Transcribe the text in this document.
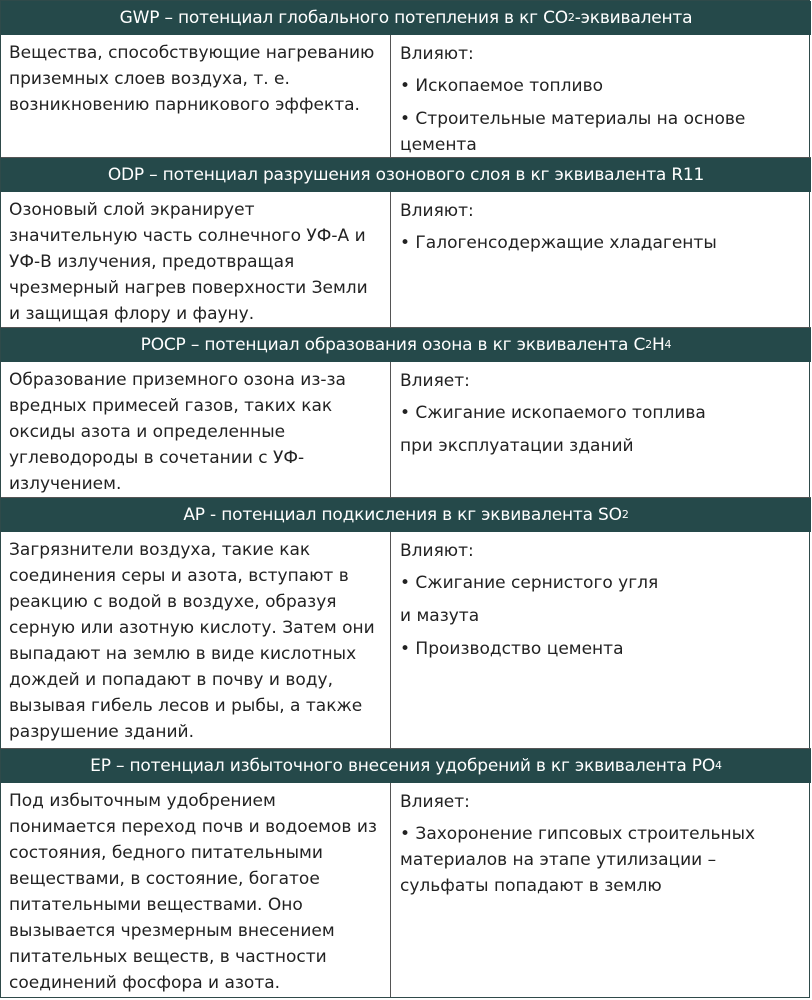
GWP – потенциал глобального потепления в кг CO 2 -эквивалента
Вещества, способствующие нагреванию приземных слоев воздуха, т. е. возникновению парникового эффекта.

Влияют:

• Ископаемое топливо

• Строительные материалы на основе цемента

ODP – потенциал разрушения озонового слоя в кг эквивалента R11
Озоновый слой экранирует значительную часть солнечного УФ-A и УФ-B излучения, предотвращая чрезмерный нагрев поверхности Земли и защищая флору и фауну.

Влияют:

• Галогенсодержащие хладагенты

POCP – потенциал образования озона в кг эквивалента C 2 H 4
Образование приземного озона из-за вредных примесей газов, таких как оксиды азота и определенные углеводороды в сочетании с УФ-излучением.

Влияет:

• Сжигание ископаемого топлива

при эксплуатации зданий

AP - потенциал подкисления в кг эквивалента SO 2
Загрязнители воздуха, такие как соединения серы и азота, вступают в реакцию с водой в воздухе, образуя серную или азотную кислоту. Затем они выпадают на землю в виде кислотных дождей и попадают в почву и воду, вызывая гибель лесов и рыбы, а также разрушение зданий.

Влияют:

• Сжигание сернистого угля

и мазута

• Производство цемента

EP – потенциал избыточного внесения удобрений в кг эквивалента PO 4
Под избыточным удобрением понимается переход почв и водоемов из состояния, бедного питательными веществами, в состояние, богатое питательными веществами. Оно вызывается чрезмерным внесением питательных веществ, в частности соединений фосфора и азота.

Влияет:

• Захоронение гипсовых строительных материалов на этапе утилизации – сульфаты попадают в землю
